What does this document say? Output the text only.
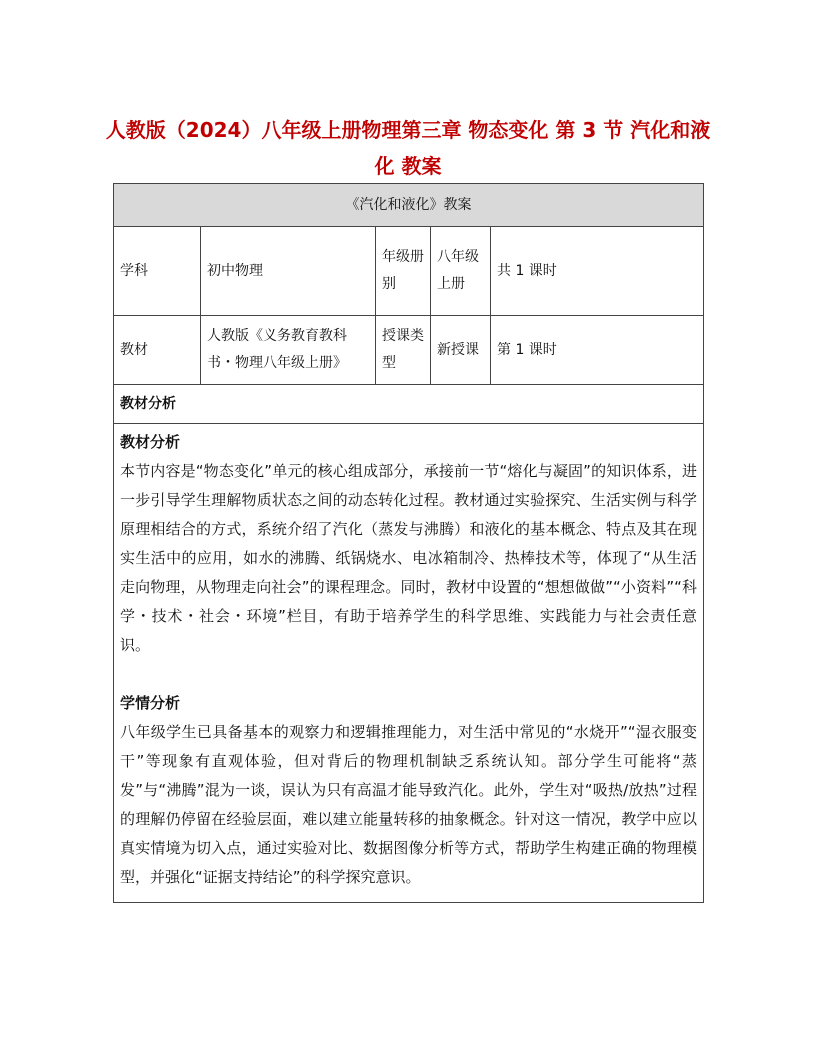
人教版（2024）八年级上册物理第三章 物态变化 第 3 节 汽化和液化 教案
《汽化和液化》教案				
学科	初中物理	年级册别	八年级上册	共 1 课时
教材	人教版《义务教育教科书・物理八年级上册》	授课类型	新授课	第 1 课时
教材分析				

教材分析

本节内容是“物态变化”单元的核心组成部分，承接前一节“熔化与凝固”的知识体系，进一步引导学生理解物质状态之间的动态转化过程。教材通过实验探究、生活实例与科学原理相结合的方式，系统介绍了汽化（蒸发与沸腾）和液化的基本概念、特点及其在现实生活中的应用，如水的沸腾、纸锅烧水、电冰箱制冷、热棒技术等，体现了“从生活走向物理，从物理走向社会”的课程理念。同时，教材中设置的“想想做做”“小资料”“科学・技术・社会・环境”栏目，有助于培养学生的科学思维、实践能力与社会责任意识。

学情分析

八年级学生已具备基本的观察力和逻辑推理能力，对生活中常见的“水烧开”“湿衣服变干”等现象有直观体验，但对背后的物理机制缺乏系统认知。部分学生可能将“蒸发”与“沸腾”混为一谈，误认为只有高温才能导致汽化。此外，学生对“吸热/放热”过程的理解仍停留在经验层面，难以建立能量转移的抽象概念。针对这一情况，教学中应以真实情境为切入点，通过实验对比、数据图像分析等方式，帮助学生构建正确的物理模型，并强化“证据支持结论”的科学探究意识。				
